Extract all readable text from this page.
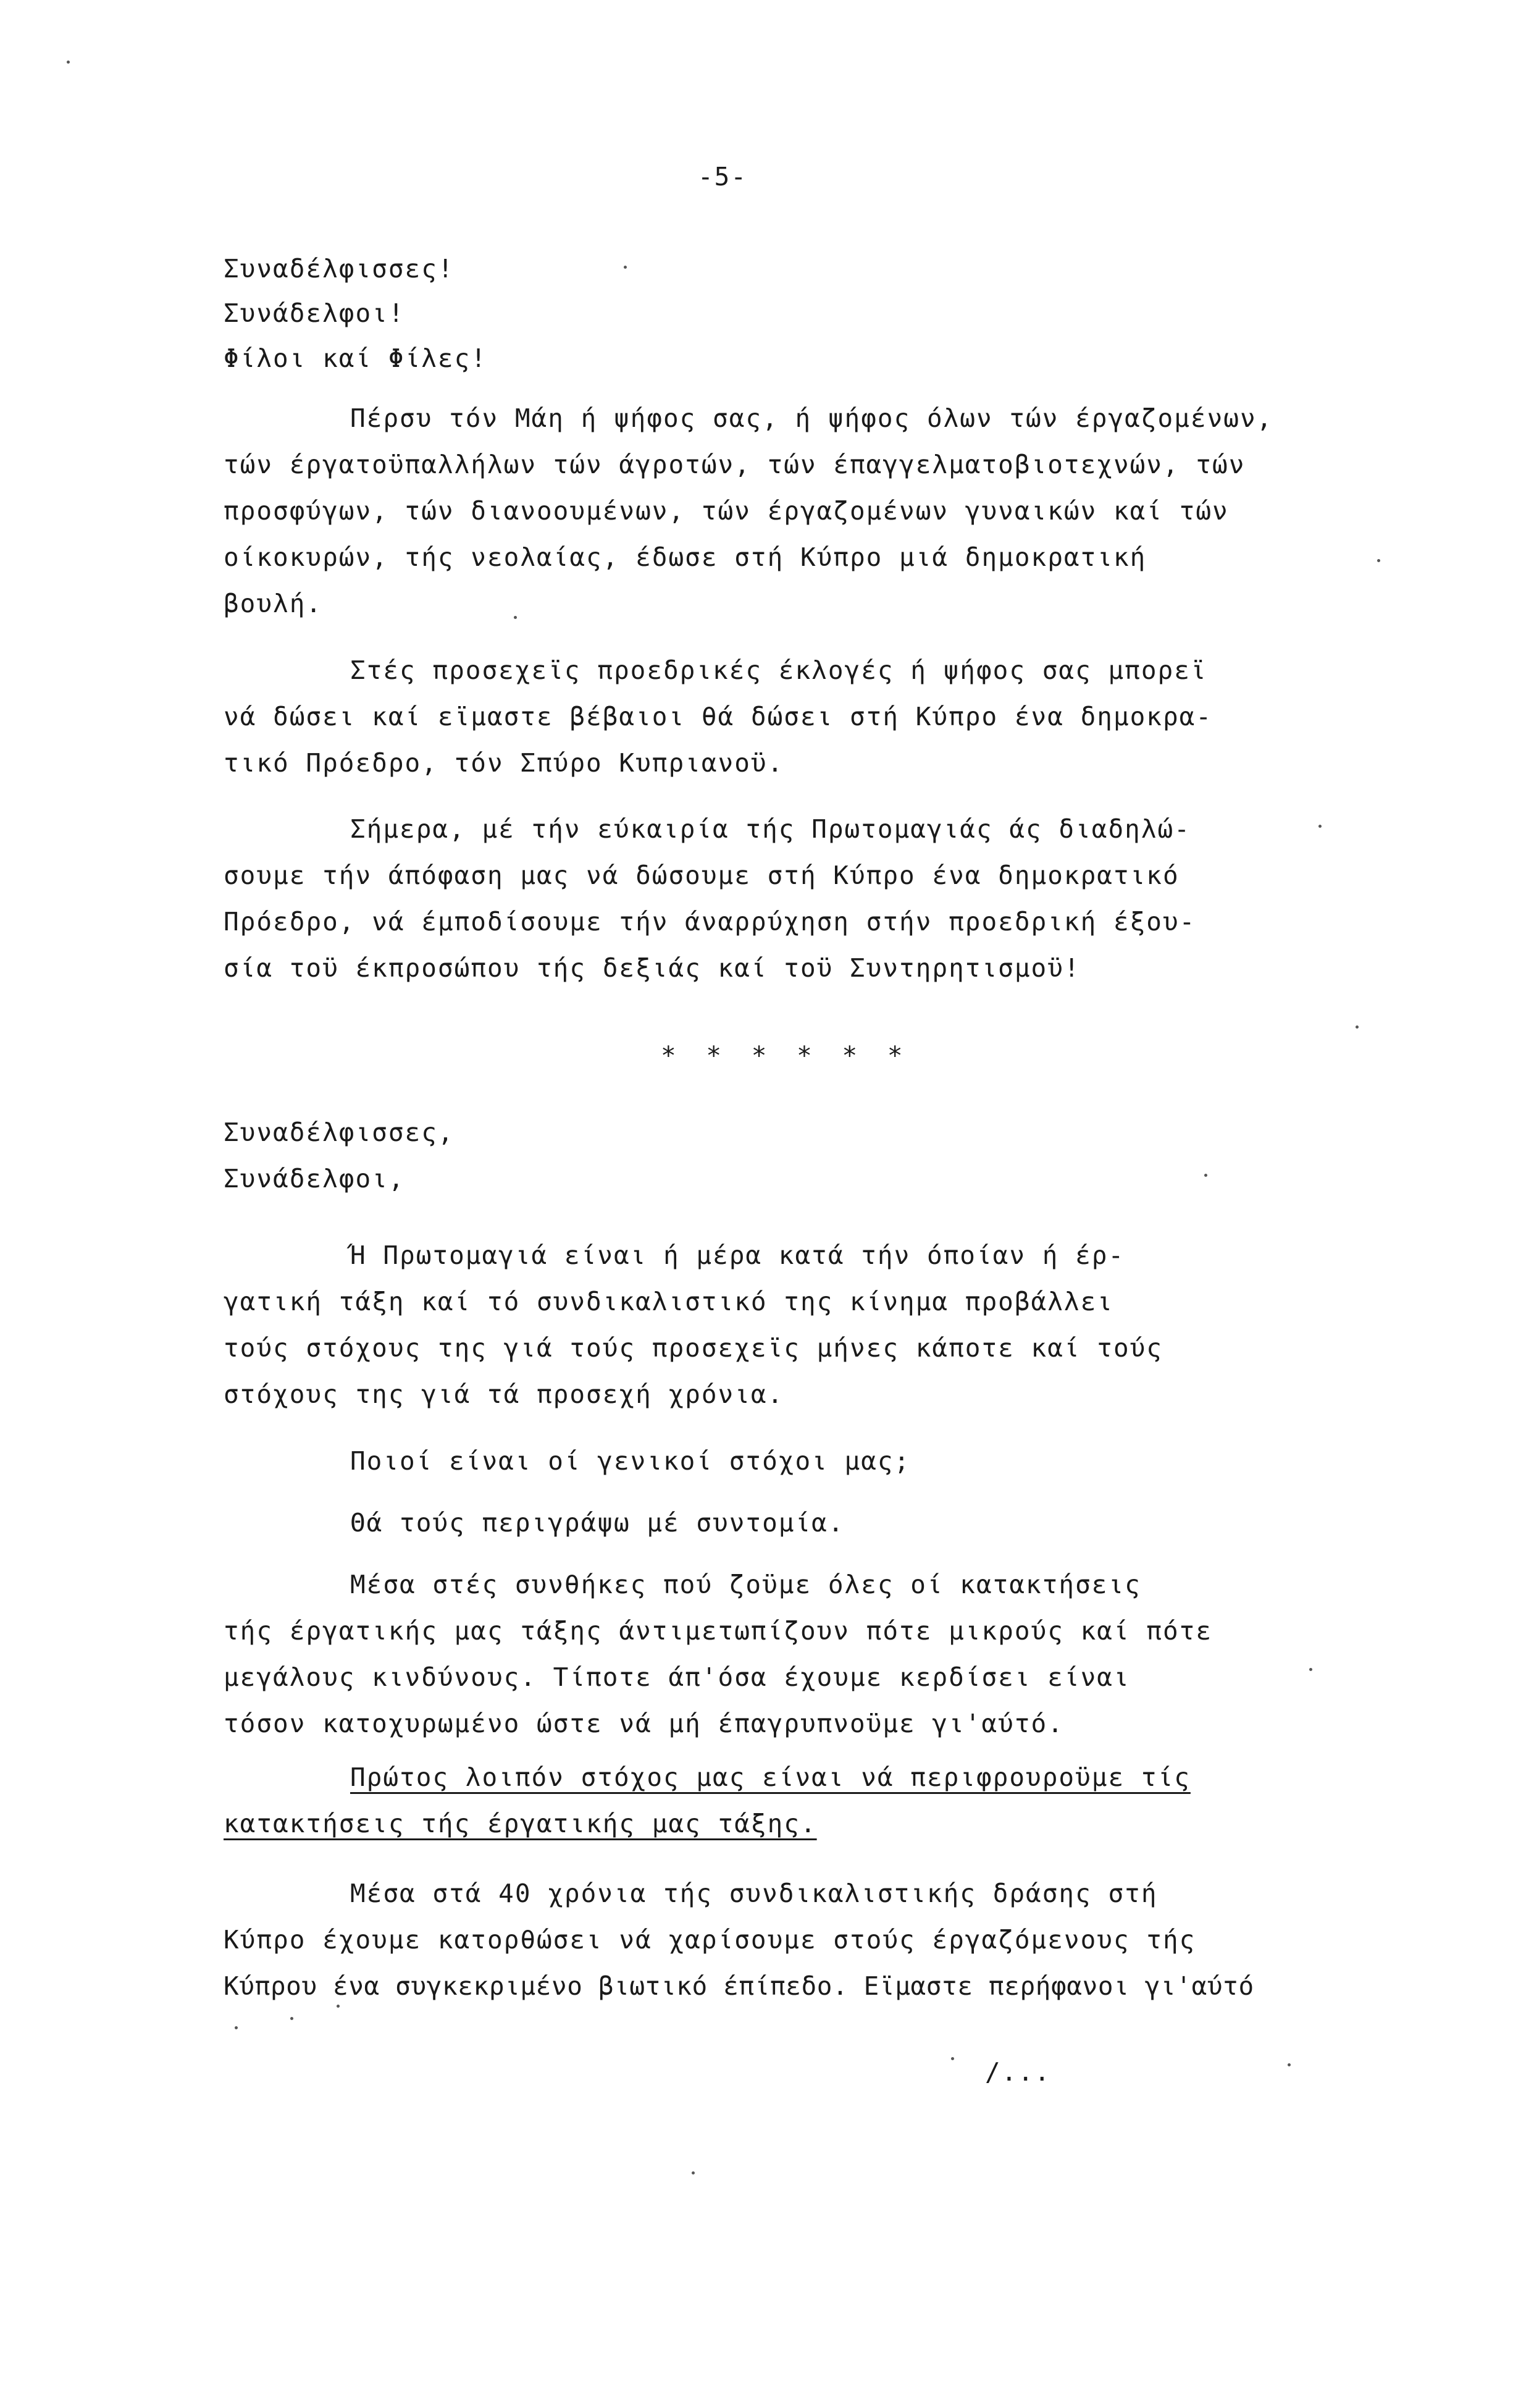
-5-
Συναδέλφισσες!
Συνάδελφοι!
Φίλοι καί Φίλες!
Πέρσυ τόν Μάη ή ψήφος σας, ή ψήφος όλων τών έργαζομένων,
τών έργατοϋπαλλήλων τών άγροτών, τών έπαγγελματοβιοτεχνών, τών
προσφύγων, τών διανοουμένων, τών έργαζομένων γυναικών καί τών
οίκοκυρών, τής νεολαίας, έδωσε στή Κύπρο μιά δημοκρατική
βουλή.
Στές προσεχεϊς προεδρικές έκλογές ή ψήφος σας μπορεϊ
νά δώσει καί εϊμαστε βέβαιοι θά δώσει στή Κύπρο ένα δημοκρα-
τικό Πρόεδρο, τόν Σπύρο Κυπριανοϋ.
Σήμερα, μέ τήν εύκαιρία τής Πρωτομαγιάς άς διαδηλώ-
σουμε τήν άπόφαση μας νά δώσουμε στή Κύπρο ένα δημοκρατικό
Πρόεδρο, νά έμποδίσουμε τήν άναρρύχηση στήν προεδρική έξου-
σία τοϋ έκπροσώπου τής δεξιάς καί τοϋ Συντηρητισμοϋ!
* * * * * *
Συναδέλφισσες,
Συνάδελφοι,
Ή Πρωτομαγιά είναι ή μέρα κατά τήν όποίαν ή έρ-
γατική τάξη καί τό συνδικαλιστικό της κίνημα προβάλλει
τούς στόχους της γιά τούς προσεχεϊς μήνες κάποτε καί τούς
στόχους της γιά τά προσεχή χρόνια.
Ποιοί είναι οί γενικοί στόχοι μας;
Θά τούς περιγράψω μέ συντομία.
Μέσα στές συνθήκες πού ζοϋμε όλες οί κατακτήσεις
τής έργατικής μας τάξης άντιμετωπίζουν πότε μικρούς καί πότε
μεγάλους κινδύνους. Τίποτε άπ'όσα έχουμε κερδίσει είναι
τόσον κατοχυρωμένο ώστε νά μή έπαγρυπνοϋμε γι'αύτό.
Πρώτος λοιπόν στόχος μας είναι νά περιφρουροϋμε τίς
κατακτήσεις τής έργατικής μας τάξης.
Μέσα στά 40 χρόνια τής συνδικαλιστικής δράσης στή
Κύπρο έχουμε κατορθώσει νά χαρίσουμε στούς έργαζόμενους τής
Κύπρου ένα συγκεκριμένο βιωτικό έπίπεδο. Εϊμαστε περήφανοι γι'αύτό
/...
